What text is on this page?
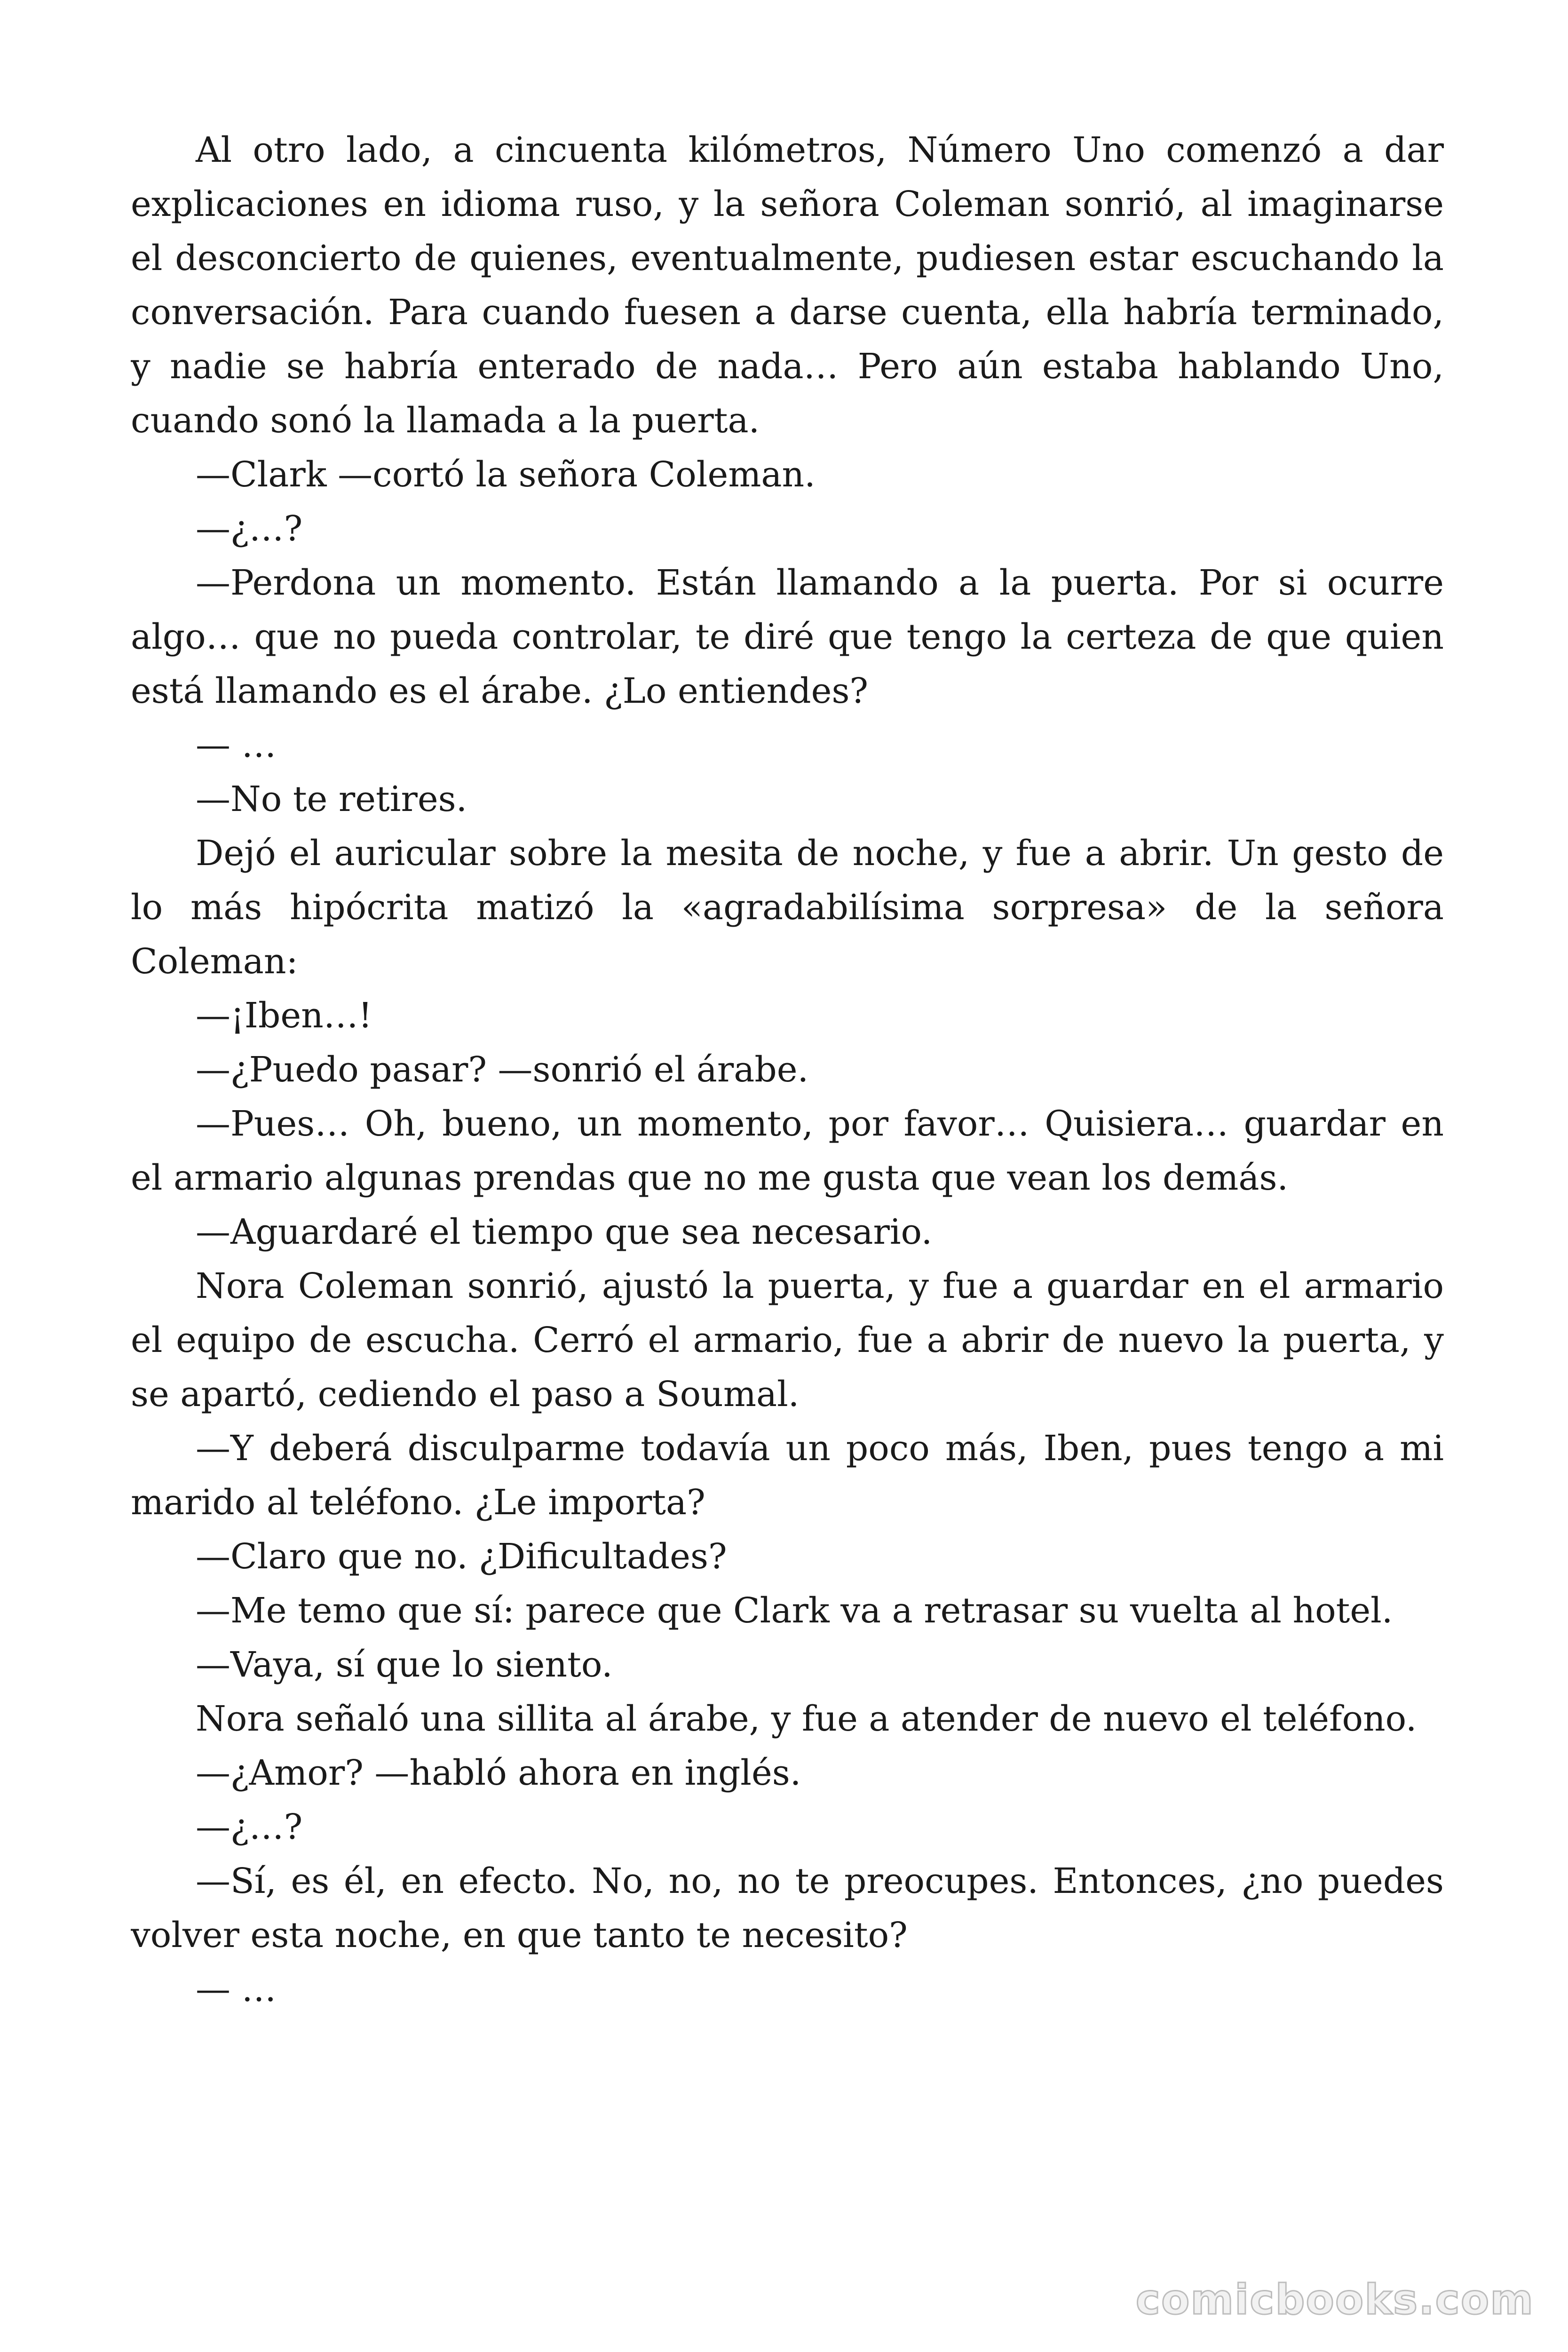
Al otro lado, a cincuenta kilómetros, Número Uno comenzó a dar explicaciones en idioma ruso, y la señora Coleman sonrió, al imaginarse el desconcierto de quienes, eventualmente, pudiesen estar escuchando la conversación. Para cuando fuesen a darse cuenta, ella habría terminado, y nadie se habría enterado de nada… Pero aún estaba hablando Uno, cuando sonó la llamada a la puerta.

—Clark —cortó la señora Coleman.

—¿…?

—Perdona un momento. Están llamando a la puerta. Por si ocurre algo… que no pueda controlar, te diré que tengo la certeza de que quien está llamando es el árabe. ¿Lo entiendes?

— …

—No te retires.

Dejó el auricular sobre la mesita de noche, y fue a abrir. Un gesto de lo más hipócrita matizó la «agradabilísima sorpresa» de la señora Coleman:

—¡Iben…!

—¿Puedo pasar? —sonrió el árabe.

—Pues… Oh, bueno, un momento, por favor… Quisiera… guardar en el armario algunas prendas que no me gusta que vean los demás.

—Aguardaré el tiempo que sea necesario.

Nora Coleman sonrió, ajustó la puerta, y fue a guardar en el armario el equipo de escucha. Cerró el armario, fue a abrir de nuevo la puerta, y se apartó, cediendo el paso a Soumal.

—Y deberá disculparme todavía un poco más, Iben, pues tengo a mi marido al teléfono. ¿Le importa?

—Claro que no. ¿Dificultades?

—Me temo que sí: parece que Clark va a retrasar su vuelta al hotel.

—Vaya, sí que lo siento.

Nora señaló una sillita al árabe, y fue a atender de nuevo el teléfono.

—¿Amor? —habló ahora en inglés.

—¿…?

—Sí, es él, en efecto. No, no, no te preocupes. Entonces, ¿no puedes volver esta noche, en que tanto te necesito?

— …

comicbooks.com
